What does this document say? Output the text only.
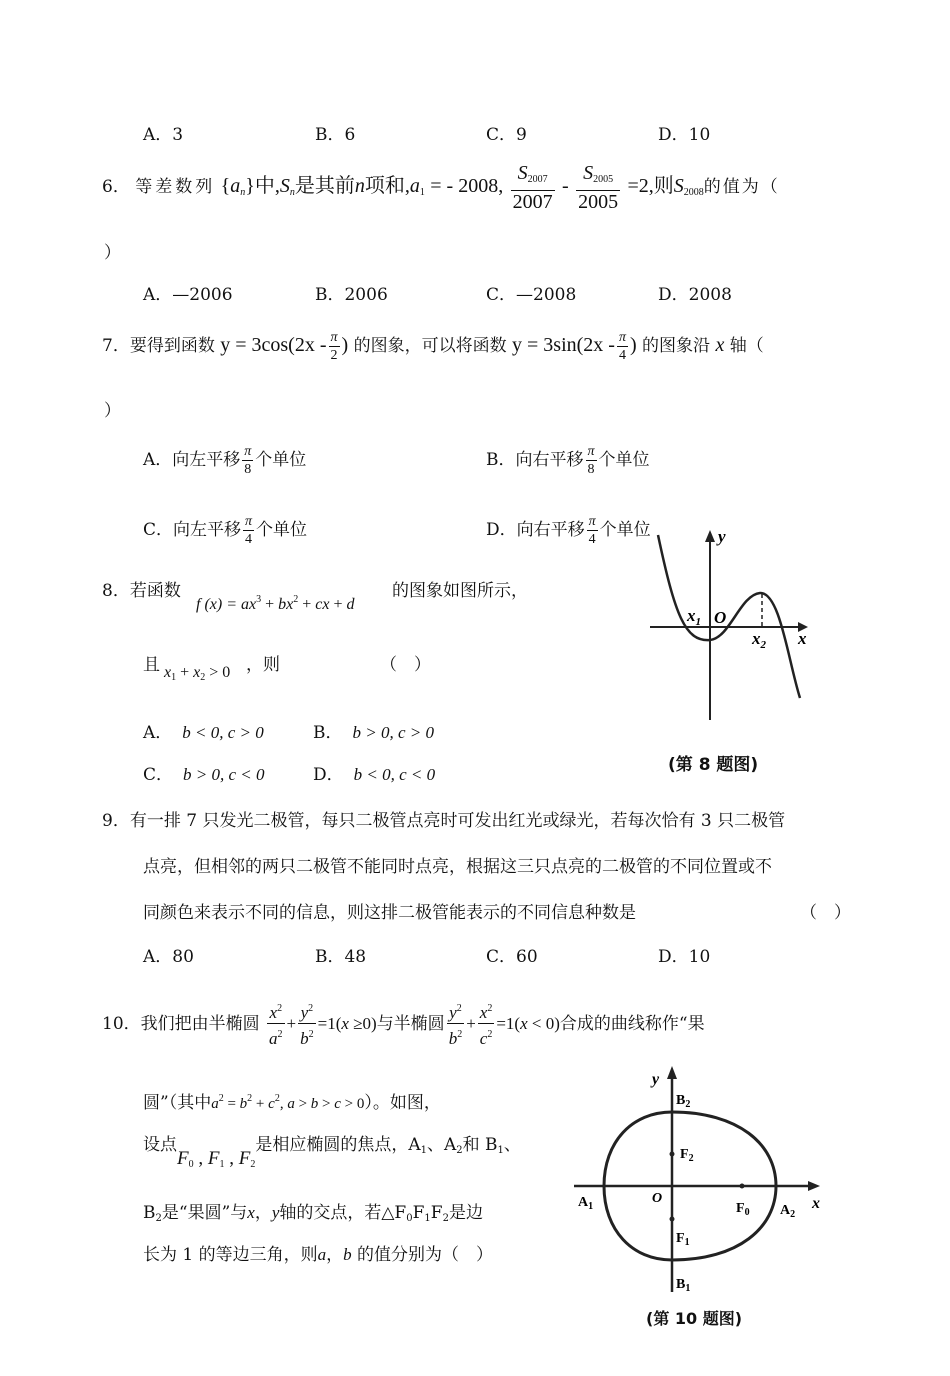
A．3	B．6	C．9	D．10
6． 等差数列 $\{a_n\}$中$,S_n$是其前n项和$,a_1$ = - 2008, $\frac{S_{2007}}{2007} - \frac{S_{2005}}{2005} =2$,则$S_{2008}$的值为（
）
A．—2006	B．2006	C．—2008	D．2008
7．要得到函数 $y = 3\cos(2x - \frac{\pi}{2}$ ) 的图象，可以将函数 $y = 3\sin(2x - \frac{\pi}{4}$ ) 的图象沿 x 轴（
）
A．向左平移 $\frac{\pi}{8}$ 个单位	B．向右平移 $\frac{\pi}{8}$ 个单位
C．向左平移 $\frac{\pi}{4}$ 个单位	D．向右平移 $\frac{\pi}{4}$ 个单位
8．若函数
f $(x) = ax^3 + bx^2$ + cx + d
的图象如图所示，
且 $x_1 + x_2 > 0$ ，则	（　）
A． b < 0, c > 0	B． b > 0, c > 0
C． b > 0, c < 0	D． b < 0, c < 0
y
x
$x_1$ O
$x_2$
(第 8 题图)
9．有一排 7 只发光二极管，每只二极管点亮时可发出红光或绿光，若每次恰有 3 只二极管
点亮，但相邻的两只二极管不能同时点亮，根据这三只点亮的二极管的不同位置或不
同颜色来表示不同的信息，则这排二极管能表示的不同信息种数是	（　）
A．80	B．48	C．60	D．10
10．我们把由半椭圆 $\frac{x^2}{a^2} + \frac{y^2}{b^2} =1(x \ge 0)$与半椭圆 $\frac{y^2}{b^2} + \frac{x^2}{c^2} =1(x < 0)$合成的曲线称作“果
圆”（其中$a^2 = b^2 + c^2$, a > b > c > 0）。如图，
设点$F_0$ , $F_1$ , $F_2$是相应椭圆的焦点，$A_1$、$A_2$和 $B_1$、
$B_2$是“果圆”与x，y轴的交点，若$\triangle F_0F_1F_2$是边
长为 1 的等边三角，则a，b 的值分别为（　）
y
x
$B_2$
$F_2$
$A_1$
O
$F_0$ $A_2$
$F_1$
$B_1$
(第 10 题图)
